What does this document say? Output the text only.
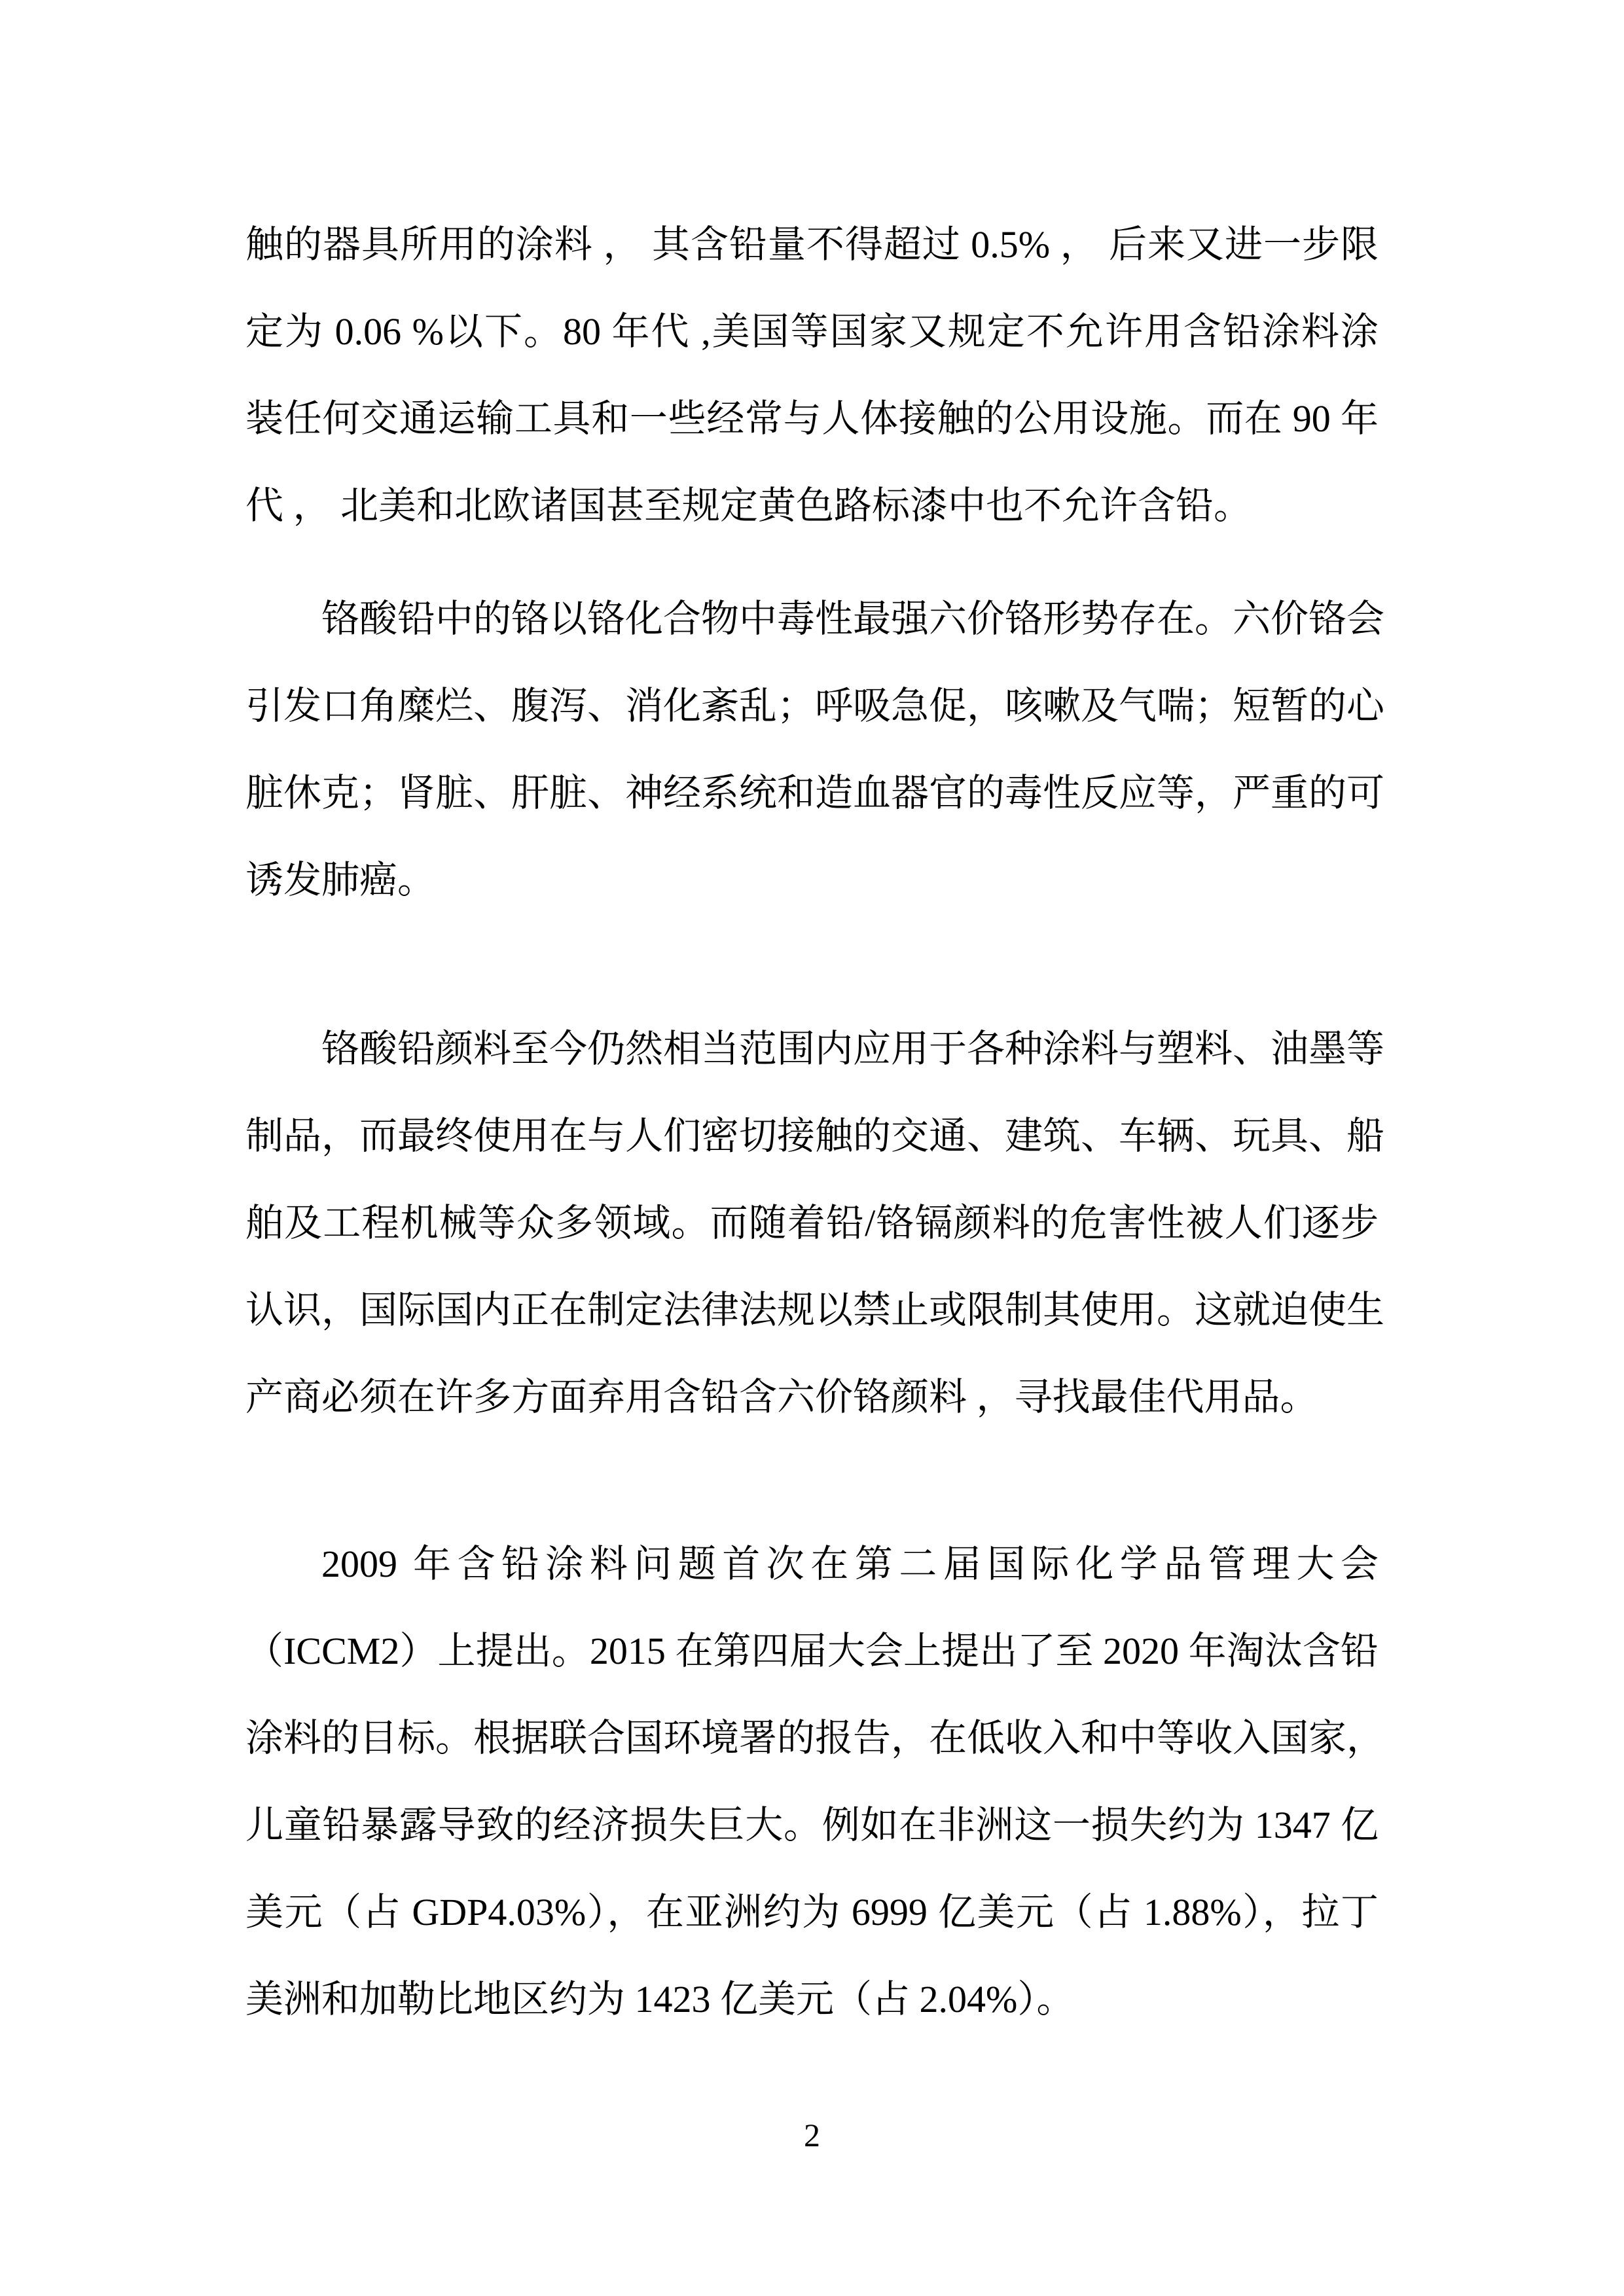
触的器具所用的涂料 ， 其含铅量不得超过 0.5% ， 后来又进一步限
定为 0.06 %以下。80 年代 ,美国等国家又规定不允许用含铅涂料涂
装任何交通运输工具和一些经常与人体接触的公用设施。而在 90 年
代 ， 北美和北欧诸国甚至规定黄色路标漆中也不允许含铅。
铬酸铅中的铬以铬化合物中毒性最强六价铬形势存在。六价铬会
引发口角糜烂、腹泻、消化紊乱；呼吸急促，咳嗽及气喘；短暂的心
脏休克；肾脏、肝脏、神经系统和造血器官的毒性反应等，严重的可
诱发肺癌。
铬酸铅颜料至今仍然相当范围内应用于各种涂料与塑料、油墨等
制品，而最终使用在与人们密切接触的交通、建筑、车辆、玩具、船
舶及工程机械等众多领域。而随着铅/铬镉颜料的危害性被人们逐步
认识，国际国内正在制定法律法规以禁止或限制其使用。这就迫使生
产商必须在许多方面弃用含铅含六价铬颜料 ，寻找最佳代用品。
2009 年含铅涂料问题首次在第二届国际化学品管理大会
（ICCM2）上提出。2015 在第四届大会上提出了至 2020 年淘汰含铅
涂料的目标。根据联合国环境署的报告，在低收入和中等收入国家，
儿童铅暴露导致的经济损失巨大。例如在非洲这一损失约为 1347 亿
美元（占 GDP4.03%），在亚洲约为 6999 亿美元（占 1.88%），拉丁
美洲和加勒比地区约为 1423 亿美元（占 2.04%）。
2
